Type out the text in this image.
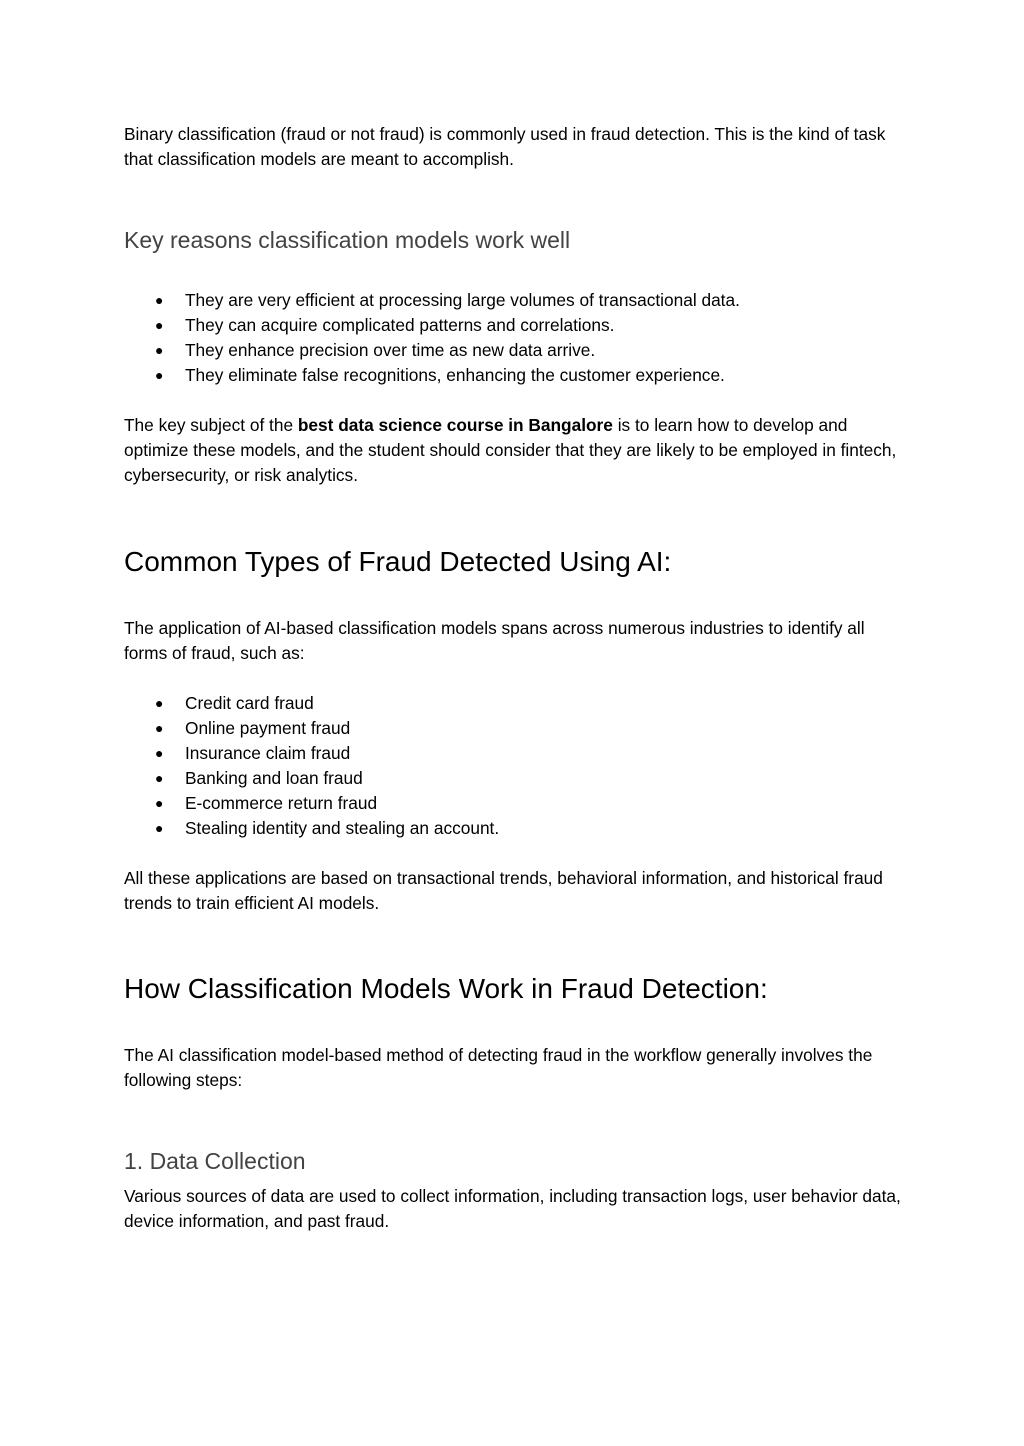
Binary classification (fraud or not fraud) is commonly used in fraud detection. This is the kind of task that classification models are meant to accomplish.

Key reasons classification models work well
● They are very efficient at processing large volumes of transactional data.
● They can acquire complicated patterns and correlations.
● They enhance precision over time as new data arrive.
● They eliminate false recognitions, enhancing the customer experience.

The key subject of the best data science course in Bangalore is to learn how to develop and optimize these models, and the student should consider that they are likely to be employed in fintech, cybersecurity, or risk analytics.

Common Types of Fraud Detected Using AI:

The application of AI-based classification models spans across numerous industries to identify all forms of fraud, such as:

● Credit card fraud
● Online payment fraud
● Insurance claim fraud
● Banking and loan fraud
● E-commerce return fraud
● Stealing identity and stealing an account.

All these applications are based on transactional trends, behavioral information, and historical fraud trends to train efficient AI models.

How Classification Models Work in Fraud Detection:

The AI classification model-based method of detecting fraud in the workflow generally involves the following steps:

1. Data Collection

Various sources of data are used to collect information, including transaction logs, user behavior data, device information, and past fraud.
